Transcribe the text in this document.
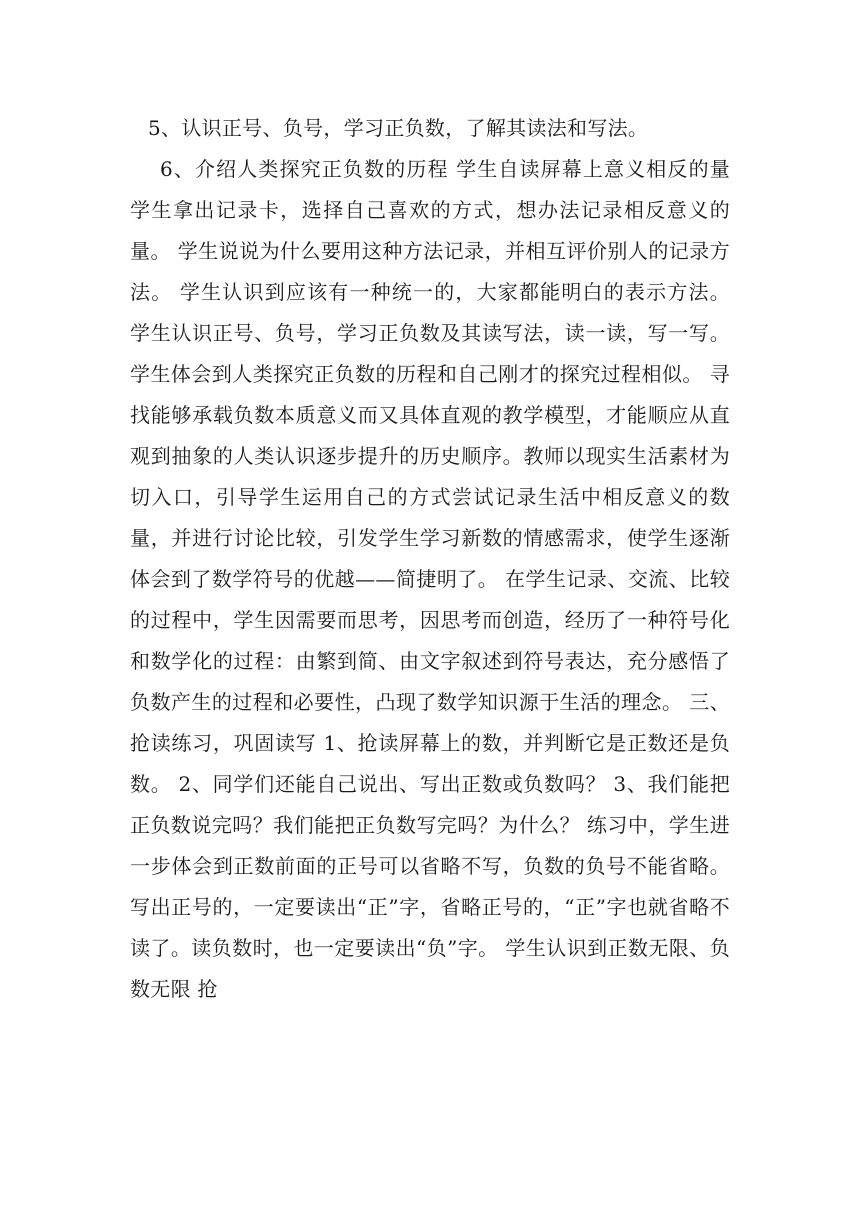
5、认识正号、负号，学习正负数，了解其读法和写法。

6、介绍人类探究正负数的历程 学生自读屏幕上意义相反的量 学生拿出记录卡，选择自己喜欢的方式，想办法记录相反意义的量。 学生说说为什么要用这种方法记录，并相互评价别人的记录方法。 学生认识到应该有一种统一的，大家都能明白的表示方法。 学生认识正号、负号，学习正负数及其读写法，读一读，写一写。 学生体会到人类探究正负数的历程和自己刚才的探究过程相似。 寻找能够承载负数本质意义而又具体直观的教学模型，才能顺应从直观到抽象的人类认识逐步提升的历史顺序。教师以现实生活素材为切入口，引导学生运用自己的方式尝试记录生活中相反意义的数量，并进行讨论比较，引发学生学习新数的情感需求，使学生逐渐体会到了数学符号的优越——简捷明了。 在学生记录、交流、比较的过程中，学生因需要而思考，因思考而创造，经历了一种符号化和数学化的过程：由繁到简、由文字叙述到符号表达，充分感悟了负数产生的过程和必要性，凸现了数学知识源于生活的理念。 三、抢读练习，巩固读写 1、抢读屏幕上的数，并判断它是正数还是负数。 2、同学们还能自己说出、写出正数或负数吗？ 3、我们能把正负数说完吗？我们能把正负数写完吗？为什么？ 练习中，学生进一步体会到正数前面的正号可以省略不写，负数的负号不能省略。写出正号的，一定要读出“正”字，省略正号的，“正”字也就省略不读了。读负数时，也一定要读出“负”字。 学生认识到正数无限、负数无限 抢
